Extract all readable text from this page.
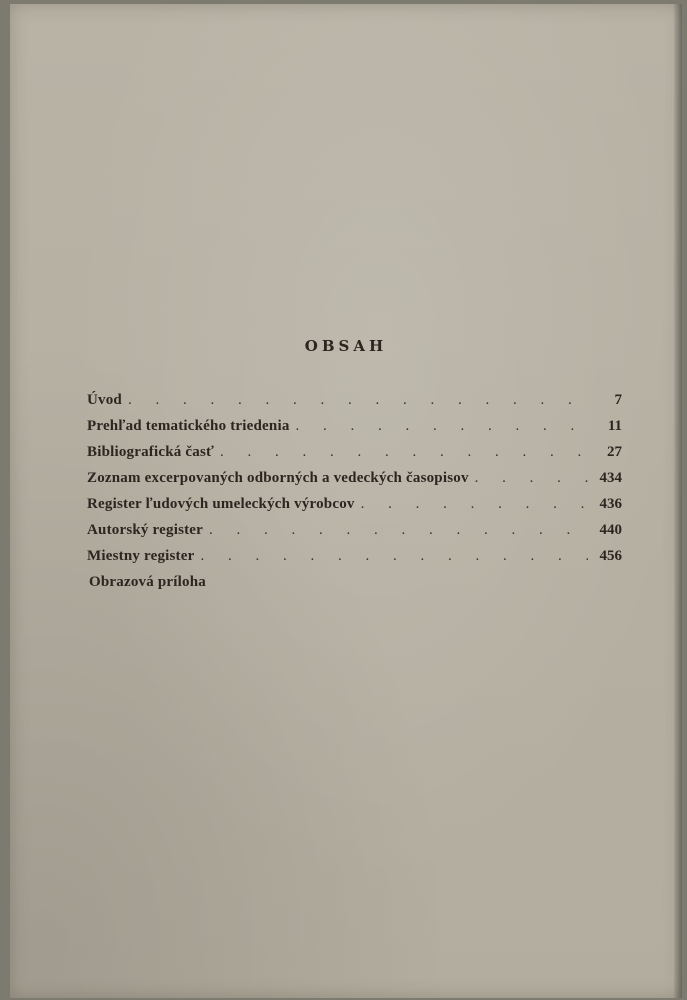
OBSAH
Úvod . . .	7
Prehľad tematického triedenia . . .	11
Bibliografická časť . . .	27
Zoznam excerpovaných odborných a vedeckých časopisov . . .	434
Register ľudových umeleckých výrobcov . . .	436
Autorský register . . .	440
Miestny register . . .	456
Obrazová príloha
